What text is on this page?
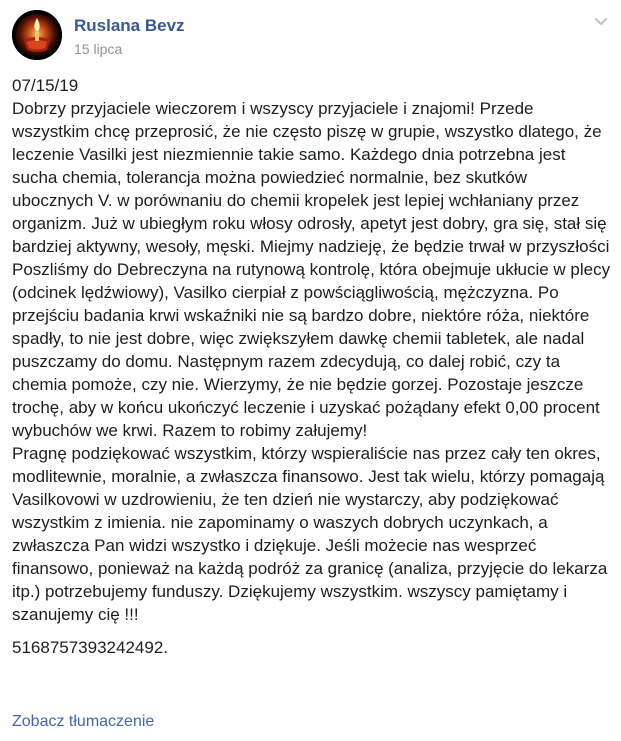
Ruslana Bevz
15 lipca

07/15/19

Dobrzy przyjaciele wieczorem i wszyscy przyjaciele i znajomi! Przede wszystkim chcę przeprosić, że nie często piszę w grupie, wszystko dlatego, że leczenie Vasilki jest niezmiennie takie samo. Każdego dnia potrzebna jest sucha chemia, tolerancja można powiedzieć normalnie, bez skutków ubocznych V. w porównaniu do chemii kropelek jest lepiej wchłaniany przez organizm. Już w ubiegłym roku włosy odrosły, apetyt jest dobry, gra się, stał się bardziej aktywny, wesoły, męski. Miejmy nadzieję, że będzie trwał w przyszłości Poszliśmy do Debreczyna na rutynową kontrolę, która obejmuje ukłucie w plecy (odcinek lędźwiowy), Vasilko cierpiał z powściągliwością, mężczyzna. Po przejściu badania krwi wskaźniki nie są bardzo dobre, niektóre róża, niektóre spadły, to nie jest dobre, więc zwiększyłem dawkę chemii tabletek, ale nadal puszczamy do domu. Następnym razem zdecydują, co dalej robić, czy ta chemia pomoże, czy nie. Wierzymy, że nie będzie gorzej. Pozostaje jeszcze trochę, aby w końcu ukończyć leczenie i uzyskać pożądany efekt 0,00 procent wybuchów we krwi. Razem to robimy załujemy!

Pragnę podziękować wszystkim, którzy wspieraliście nas przez cały ten okres, modlitewnie, moralnie, a zwłaszcza finansowo. Jest tak wielu, którzy pomagają Vasilkovowi w uzdrowieniu, że ten dzień nie wystarczy, aby podziękować wszystkim z imienia. nie zapominamy o waszych dobrych uczynkach, a zwłaszcza Pan widzi wszystko i dziękuje. Jeśli możecie nas wesprzeć finansowo, ponieważ na każdą podróż za granicę (analiza, przyjęcie do lekarza itp.) potrzebujemy funduszy. Dziękujemy wszystkim. wszyscy pamiętamy i szanujemy cię !!!

5168757393242492.

Zobacz tłumaczenie
